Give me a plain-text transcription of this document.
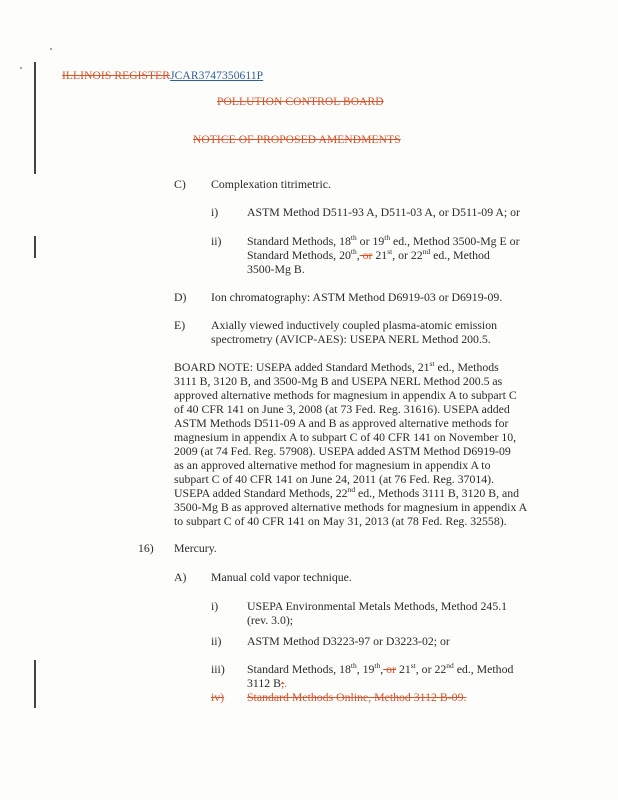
ILLINOIS REGISTERJCAR3747350611P
POLLUTION CONTROL BOARD
NOTICE OF PROPOSED AMENDMENTS
C) Complexation titrimetric.
i) ASTM Method D511-93 A, D511-03 A, or D511-09 A; or
ii) Standard Methods, 18th or 19th ed., Method 3500-Mg E or
Standard Methods, 20th, or 21st, or 22nd ed., Method
3500-Mg B.
D) Ion chromatography: ASTM Method D6919-03 or D6919-09.
E) Axially viewed inductively coupled plasma-atomic emission
spectrometry (AVICP-AES): USEPA NERL Method 200.5.
BOARD NOTE: USEPA added Standard Methods, 21st ed., Methods
3111 B, 3120 B, and 3500-Mg B and USEPA NERL Method 200.5 as
approved alternative methods for magnesium in appendix A to subpart C
of 40 CFR 141 on June 3, 2008 (at 73 Fed. Reg. 31616). USEPA added
ASTM Methods D511-09 A and B as approved alternative methods for
magnesium in appendix A to subpart C of 40 CFR 141 on November 10,
2009 (at 74 Fed. Reg. 57908). USEPA added ASTM Method D6919-09
as an approved alternative method for magnesium in appendix A to
subpart C of 40 CFR 141 on June 24, 2011 (at 76 Fed. Reg. 37014).
USEPA added Standard Methods, 22nd ed., Methods 3111 B, 3120 B, and
3500-Mg B as approved alternative methods for magnesium in appendix A
to subpart C of 40 CFR 141 on May 31, 2013 (at 78 Fed. Reg. 32558).
16) Mercury.
A) Manual cold vapor technique.
i) USEPA Environmental Metals Methods, Method 245.1
(rev. 3.0);
ii) ASTM Method D3223-97 or D3223-02; or
iii) Standard Methods, 18th, 19th, or 21st, or 22nd ed., Method
3112 B;.
iv) Standard Methods Online, Method 3112 B-09.
